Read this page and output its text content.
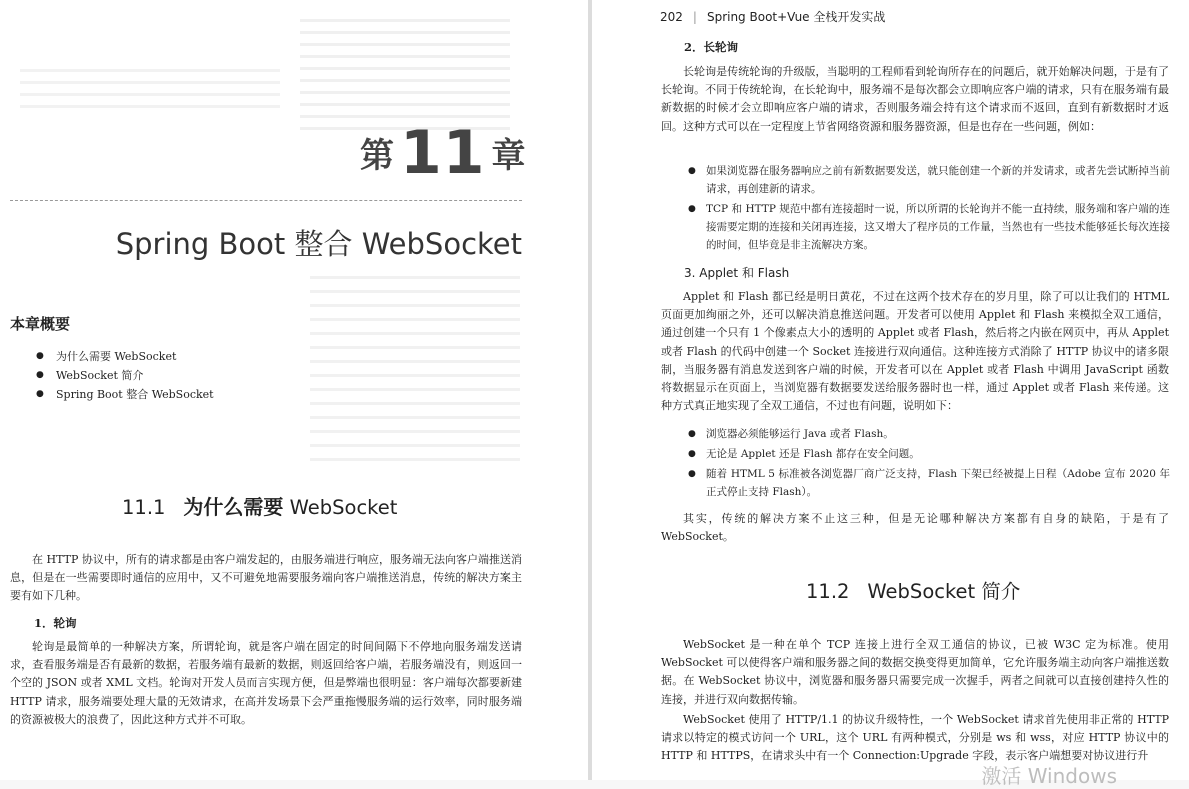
第 11 章
Spring Boot 整合 WebSocket
本章概要
● 为什么需要 WebSocket
● WebSocket 简介
● Spring Boot 整合 WebSocket
11.1 为什么需要 WebSocket

在 HTTP 协议中，所有的请求都是由客户端发起的，由服务端进行响应，服务端无法向客户端推送消息，但是在一些需要即时通信的应用中，又不可避免地需要服务端向客户端推送消息，传统的解决方案主要有如下几种。

1．轮询

轮询是最简单的一种解决方案，所谓轮询，就是客户端在固定的时间间隔下不停地向服务端发送请求，查看服务端是否有最新的数据，若服务端有最新的数据，则返回给客户端，若服务端没有，则返回一个空的 JSON 或者 XML 文档。轮询对开发人员而言实现方便，但是弊端也很明显：客户端每次都要新建 HTTP 请求，服务端要处理大量的无效请求，在高并发场景下会严重拖慢服务端的运行效率，同时服务端的资源被极大的浪费了，因此这种方式并不可取。

202 | Spring Boot+Vue 全栈开发实战

2．长轮询

长轮询是传统轮询的升级版，当聪明的工程师看到轮询所存在的问题后，就开始解决问题，于是有了长轮询。不同于传统轮询，在长轮询中，服务端不是每次都会立即响应客户端的请求，只有在服务端有最新数据的时候才会立即响应客户端的请求，否则服务端会持有这个请求而不返回，直到有新数据时才返回。这种方式可以在一定程度上节省网络资源和服务器资源，但是也存在一些问题，例如：

● 如果浏览器在服务器响应之前有新数据要发送，就只能创建一个新的并发请求，或者先尝试断掉当前请求，再创建新的请求。
● TCP 和 HTTP 规范中都有连接超时一说，所以所谓的长轮询并不能一直持续，服务端和客户端的连接需要定期的连接和关闭再连接，这又增大了程序员的工作量，当然也有一些技术能够延长每次连接的时间，但毕竟是非主流解决方案。

3. Applet 和 Flash

Applet 和 Flash 都已经是明日黄花，不过在这两个技术存在的岁月里，除了可以让我们的 HTML 页面更加绚丽之外，还可以解决消息推送问题。开发者可以使用 Applet 和 Flash 来模拟全双工通信，通过创建一个只有 1 个像素点大小的透明的 Applet 或者 Flash，然后将之内嵌在网页中，再从 Applet 或者 Flash 的代码中创建一个 Socket 连接进行双向通信。这种连接方式消除了 HTTP 协议中的诸多限制，当服务器有消息发送到客户端的时候，开发者可以在 Applet 或者 Flash 中调用 JavaScript 函数将数据显示在页面上，当浏览器有数据要发送给服务器时也一样，通过 Applet 或者 Flash 来传递。这种方式真正地实现了全双工通信，不过也有问题，说明如下：

● 浏览器必须能够运行 Java 或者 Flash。
● 无论是 Applet 还是 Flash 都存在安全问题。
● 随着 HTML 5 标准被各浏览器厂商广泛支持，Flash 下架已经被提上日程（Adobe 宣布 2020 年正式停止支持 Flash）。

其实，传统的解决方案不止这三种，但是无论哪种解决方案都有自身的缺陷，于是有了 WebSocket。

11.2 WebSocket 简介

WebSocket 是一种在单个 TCP 连接上进行全双工通信的协议，已被 W3C 定为标准。使用 WebSocket 可以使得客户端和服务器之间的数据交换变得更加简单，它允许服务端主动向客户端推送数据。在 WebSocket 协议中，浏览器和服务器只需要完成一次握手，两者之间就可以直接创建持久性的连接，并进行双向数据传输。

WebSocket 使用了 HTTP/1.1 的协议升级特性，一个 WebSocket 请求首先使用非正常的 HTTP 请求以特定的模式访问一个 URL，这个 URL 有两种模式，分别是 ws 和 wss，对应 HTTP 协议中的 HTTP 和 HTTPS，在请求头中有一个 Connection:Upgrade 字段，表示客户端想要对协议进行升

激活 Windows
